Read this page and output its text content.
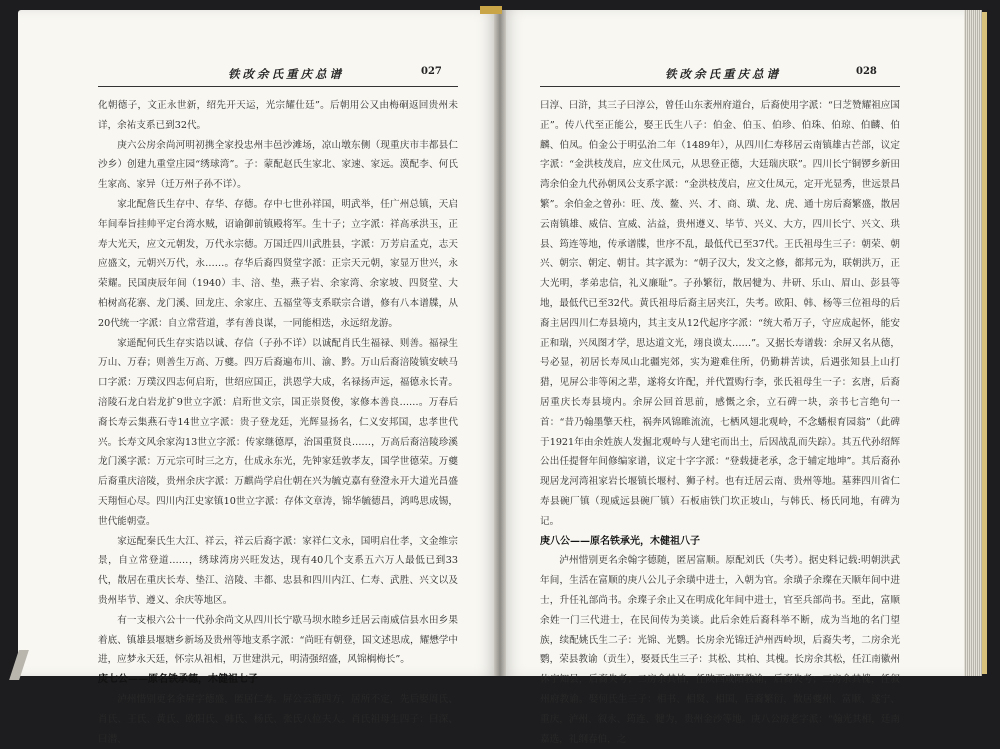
铁改余氏重庆总谱	027

化朝德子，文正永世新，绍先开天运，光宗耀仕廷”。后朝用公又由梅硐返回贵州未详，余祐支系已到32代。

庚六公房余尚河明初携全家投忠州丰邑沙滩场，凉山墩东侧（现重庆市丰都县仁沙乡）创建九重堂庄园“绣球湾”。子：蒙配赵氏生家北、家速、家远。漠配李、何氏生家高、家异（迁万州子孙不详）。

家北配詹氏生存中、存华、存德。存中七世孙祥国，明武举，任广州总镇，天启年间奉旨挂帅平定台湾水贼，诏谕御前镇殿将军。生十子；立字派：祥高承洪玉，正寿大光天，应文元朝发，万代永宗德。万国迁四川武胜县，字派：万芳启孟克，志天应盛文，元朝兴万代，永……。存华后裔四贤堂字派：正宗天元朝，家显万世兴，永荣耀。民国庚辰年间（1940）丰、涪、垫，燕子岩、余家湾、余家坡、四贤堂、大柏树高花寨、龙门溪、回龙庄、余家庄、五福堂等支系联宗合谱，修有八本谱牒，从20代统一字派：自立常营道，孝有善良谋，一同能相迭，永远绍龙游。

家遥配何氏生存实诰以诚、存信（子孙不详）以诚配肖氏生福禄、则善。福禄生万山、万春；则善生万高、万夔。四万后裔遍布川、渝、黔。万山后裔涪陵镇安峡马口字派：万璞汉四志何启珩，世绍应国正，洪恩学大成，名禄扬声远，福德永长青。涪陵石龙白岩龙扩9世立字派：启珩世文宗，国正崇贤俊，家修本善良……。万春后裔长寿云集燕石寺14世立字派：贵子登龙廷，光辉显扬名，仁义安邦国，忠孝世代兴。长寿文风余家沟13世立字派：传家继德厚，治国重贤良……，万高后裔涪陵珍溪龙门溪字派：万元宗可时三之方，仕成永东光，先钟家廷敦孝友，国学世德荣。万夔后裔重庆涪陵，贵州余庆字派：万麒尚学启仕朝在兴为毓克嘉有登澄永开大道光昌盛天翔恒心尽。四川内江史家镇10世立字派：存体文章涛，锦华毓德昌，鸿鸣思成锡，世代能朝壹。

家远配秦氏生大江、祥云，祥云后裔字派：家祥仁文永，国明启仕孝，文金维宗景，自立常登道……，绣球湾房兴旺发达，现有40几个支系五六万人最低已到33代，散居在重庆长寿、垫江、涪陵、丰都、忠县和四川内江、仁寿、武胜、兴文以及贵州毕节、遵义、余庆等地区。

有一支根六公十一代孙余尚文从四川长宁歇马坝水睦乡迁居云南威信县水田乡果着底、镇雄县堰塘乡新场及贵州等地支系字派：“尚旺有朝登，国文述思成，耀懋学中进，应梦永天廷，怀宗从祖相，万世建洪元，明清强绍盛，风锦榈梅长”。

庚七公——原名铁承德，木健祖七子

泸州惜别更名余屏字德盛，匿居仁寿。屏公云游四方，居所不定，先后娶周氏、肖氏、王氏、黄氏、欧阳氏、韩氏、杨氏、张氏八位夫人。肖氏祖母生四子：曰深、曰潜、

铁改余氏重庆总谱	028

曰淳、曰浒，其三子曰淳公，曾任山东袤州府道台，后裔使用字派：“曰芝赞耀祖应国正”。传八代至正能公，娶王氏生八子：伯金、伯玉、伯珍、伯珠、伯琼、伯麟、伯麟、伯凤。伯金公于明弘治二年（1489年），从四川仁寿移居云南镇雄古芒部，议定字派：“金洪枝茂启，应文仕凤元，从思登正德，大廷瑞庆联”。四川长宁铜锣乡新田湾余伯金九代孙朝凤公支系字派：“金洪枝茂启，应文仕凤元，定开光显秀，世远景昌繁”。余伯金之曾孙：旺、茂、鳌、兴、才、商、璜、龙、虎、通十房后裔繁盛，散居云南镇雄、威信、宣威、沾益，贵州遵义、毕节、兴义、大方，四川长宁、兴文、珙县、筠连等地，传承谱牒，世序不乱，最低代已至37代。王氏祖母生三子：朝荣、朝兴、朝宗、朝定、朝甘。其字派为：“朝子汉大，发文之修，都邦元为，联朝洪万，正大光明，孝弟忠信，礼义廉耻”。子孙繁衍，散居犍为、井研、乐山、眉山、彭县等地，最低代已至32代。黄氏祖母后裔主居夹江，失考。欧阳、韩、杨等三位祖母的后裔主居四川仁寿县境内，其主支从12代起序字派：“统大希万子，守应成起怀，能安正和瑞，兴凤图才学，思达道文光，翊良谟太……”。又据长寿谱载：余屏又名从德，号必显，初居长寿凤山北疆宪郊，实为避难住所，仍勤耕苦读，后遇张知县上山打猎，见屏公非等闲之辈，遂将女许配，并代置购行李，张氏祖母生一子：玄唐，后裔居重庆长寿县境内。余屏公回首思前，感慨之余，立石碑一块，亲书七言绝句一首：“昔乃翰墨擎天柱，祸奔风锦睢流流，七栖风翅北观岭，不念蟠根育园翁”（此碑于1921年由余姓族人发掘北观岭与人建宅而出土，后因战乱而失踪）。其五代孙绍辉公出任提督年间修编家谱，议定十字字派：“登载捷老承，念于辅定地坤”。其后裔孙现居龙河湾祖家岩长堰镇长堰村、狮子村。也有迁居云南、贵州等地。墓葬四川省仁寿县碗厂镇（现威远县碗厂镇）石板庙铁门坎正坡山，与韩氏、杨氏同地，有碑为记。

庚八公——原名铁承光，木健祖八子

泸州惜别更名余翰字德随，匿居富顺。原配刘氏（失考）。据史料记载:明朝洪武年间，生活在富顺的庚八公儿子余璜中进士，入朝为官。余璜子余璨在天顺年间中进士，升任礼部尚书。余璨子余止又在明成化年间中进士，官至兵部尚书。至此，富顺余姓一门三代进士，在民间传为美谈。此后余姓后裔科举不断，成为当地的名门望族，续配姚氏生二子：光锦、光鹦。长房余光锦迁泸州西岭坝，后裔失考，二房余光鹦，荣县教谕（贡生），娶聂氏生三子：其松、其柏、其槐。长房余其松，任江南徽州休宁知县，后裔失考；二房余其柏，任陕西咸阳教谕，后裔失考；三房余其槐，任叙州府教谕。娶何氏生三子：相书、相贤、相国，后裔繁衍，散居夔州、富顺、遂宁、重庆，泸州、叙永、筠连、犍为，贵州金沙等地。庚八公房老字派：“翰光其相，廷南嘉选，礼纲春伯，之
